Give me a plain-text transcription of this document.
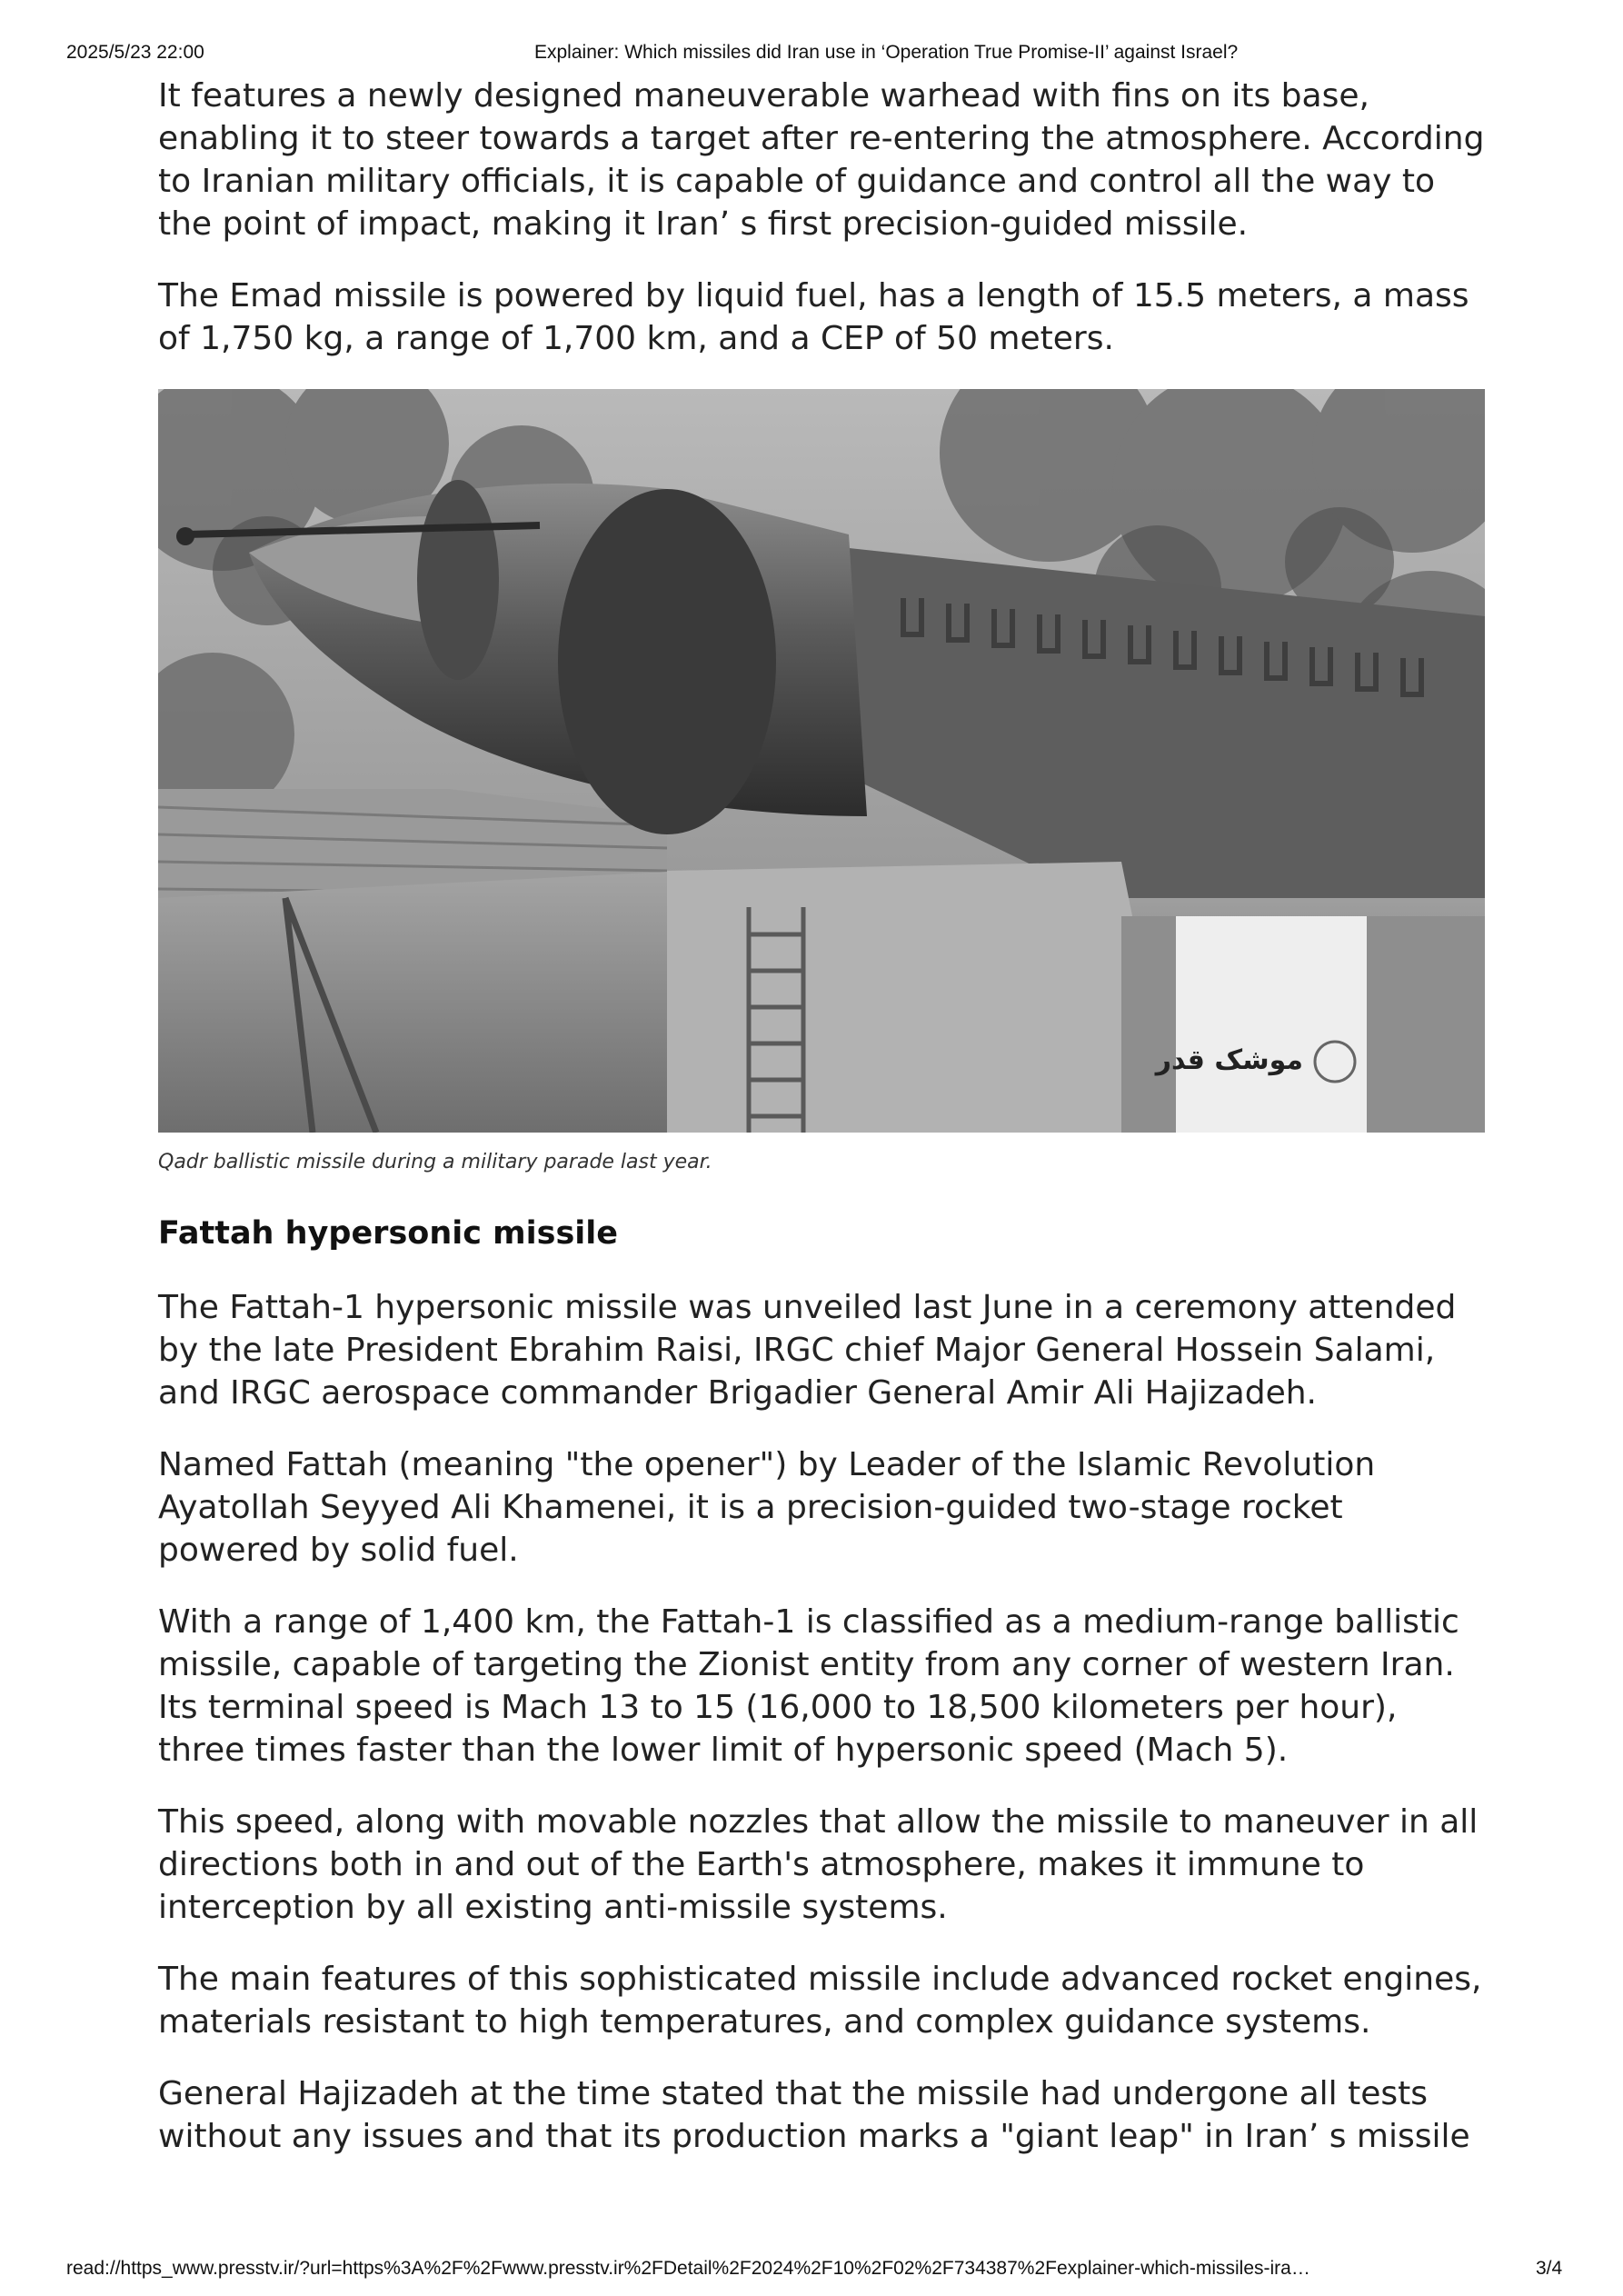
2025/5/23 22:00	Explainer: Which missiles did Iran use in ‘Operation True Promise-II’ against Israel?

It features a newly designed maneuverable warhead with fins on its base, enabling it to steer towards a target after re-entering the atmosphere. According to Iranian military officials, it is capable of guidance and control all the way to the point of impact, making it Iran’ s first precision-guided missile.

The Emad missile is powered by liquid fuel, has a length of 15.5 meters, a mass of 1,750 kg, a range of 1,700 km, and a CEP of 50 meters.

موشک قدر
Qadr ballistic missile during a military parade last year.
Fattah hypersonic missile

The Fattah-1 hypersonic missile was unveiled last June in a ceremony attended by the late President Ebrahim Raisi, IRGC chief Major General Hossein Salami, and IRGC aerospace commander Brigadier General Amir Ali Hajizadeh.

Named Fattah (meaning "the opener") by Leader of the Islamic Revolution Ayatollah Seyyed Ali Khamenei, it is a precision-guided two-stage rocket powered by solid fuel.

With a range of 1,400 km, the Fattah-1 is classified as a medium-range ballistic missile, capable of targeting the Zionist entity from any corner of western Iran. Its terminal speed is Mach 13 to 15 (16,000 to 18,500 kilometers per hour), three times faster than the lower limit of hypersonic speed (Mach 5).

This speed, along with movable nozzles that allow the missile to maneuver in all directions both in and out of the Earth's atmosphere, makes it immune to interception by all existing anti-missile systems.

The main features of this sophisticated missile include advanced rocket engines, materials resistant to high temperatures, and complex guidance systems.

General Hajizadeh at the time stated that the missile had undergone all tests without any issues and that its production marks a "giant leap" in Iran’ s missile

read://https_www.presstv.ir/?url=https%3A%2F%2Fwww.presstv.ir%2FDetail%2F2024%2F10%2F02%2F734387%2Fexplainer-which-missiles-ira…	3/4
